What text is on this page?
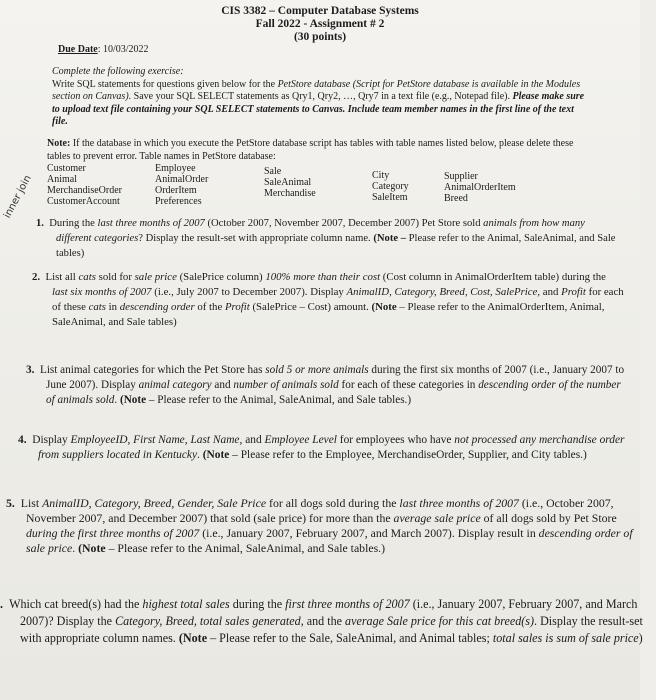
CIS 3382 – Computer Database Systems
Fall 2022 - Assignment # 2
(30 points)
Due Date: 10/03/2022
Complete the following exercise:
Write SQL statements for questions given below for the PetStore database (Script for PetStore database is available in the Modules section on Canvas). Save your SQL SELECT statements as Qry1, Qry2, …, Qry7 in a text file (e.g., Notepad file). Please make sure to upload text file containing your SQL SELECT statements to Canvas. Include team member names in the first line of the text file.
Note: If the database in which you execute the PetStore database script has tables with table names listed below, please delete these tables to prevent error. Table names in PetStore database:
Customer
Animal
MerchandiseOrder
CustomerAccount
Employee
AnimalOrder
OrderItem
Preferences
Sale
SaleAnimal
Merchandise
City
Category
SaleItem
Supplier
AnimalOrderItem
Breed
inner join
1. During the last three months of 2007 (October 2007, November 2007, December 2007) Pet Store sold animals from how many different categories? Display the result-set with appropriate column name. (Note – Please refer to the Animal, SaleAnimal, and Sale tables)
2. List all cats sold for sale price (SalePrice column) 100% more than their cost (Cost column in AnimalOrderItem table) during the last six months of 2007 (i.e., July 2007 to December 2007). Display AnimalID, Category, Breed, Cost, SalePrice, and Profit for each of these cats in descending order of the Profit (SalePrice – Cost) amount. (Note – Please refer to the AnimalOrderItem, Animal, SaleAnimal, and Sale tables)
3. List animal categories for which the Pet Store has sold 5 or more animals during the first six months of 2007 (i.e., January 2007 to June 2007). Display animal category and number of animals sold for each of these categories in descending order of the number of animals sold. (Note – Please refer to the Animal, SaleAnimal, and Sale tables.)
4. Display EmployeeID, First Name, Last Name, and Employee Level for employees who have not processed any merchandise order from suppliers located in Kentucky. (Note – Please refer to the Employee, MerchandiseOrder, Supplier, and City tables.)
5. List AnimalID, Category, Breed, Gender, Sale Price for all dogs sold during the last three months of 2007 (i.e., October 2007, November 2007, and December 2007) that sold (sale price) for more than the average sale price of all dogs sold by Pet Store during the first three months of 2007 (i.e., January 2007, February 2007, and March 2007). Display result in descending order of sale price. (Note – Please refer to the Animal, SaleAnimal, and Sale tables.)
. Which cat breed(s) had the highest total sales during the first three months of 2007 (i.e., January 2007, February 2007, and March 2007)? Display the Category, Breed, total sales generated, and the average Sale price for this cat breed(s). Display the result-set with appropriate column names. (Note – Please refer to the Sale, SaleAnimal, and Animal tables; total sales is sum of sale price)
